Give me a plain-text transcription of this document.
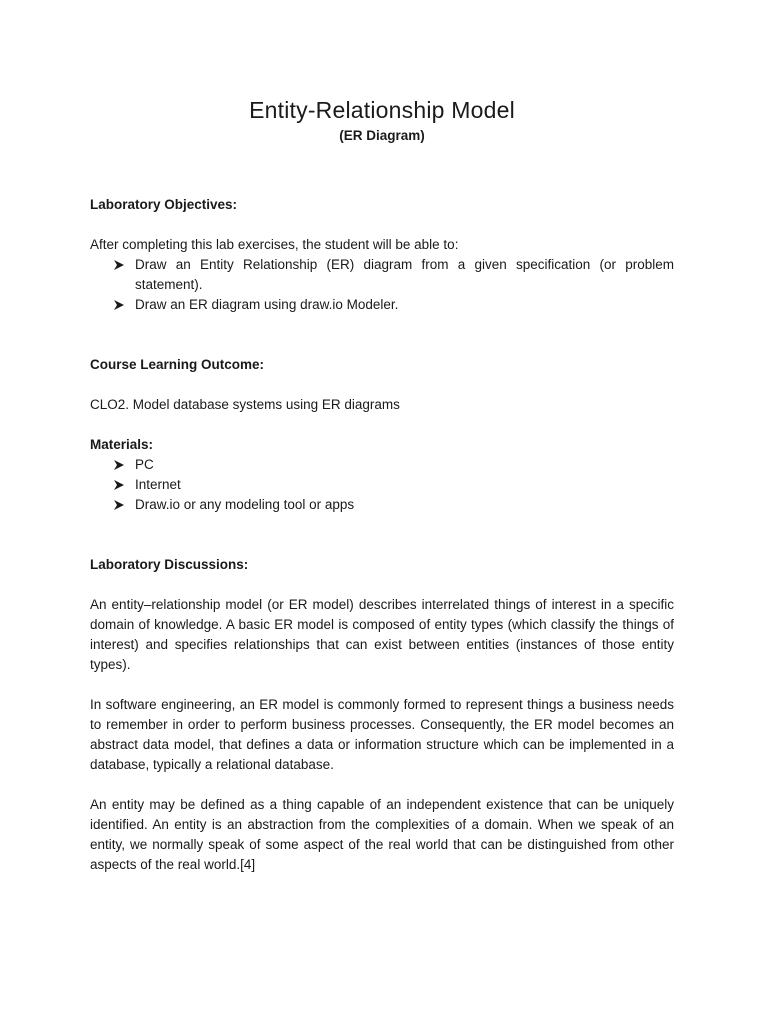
Entity-Relationship Model
(ER Diagram)
Laboratory Objectives:

After completing this lab exercises, the student will be able to:

Draw an Entity Relationship (ER) diagram from a given specification (or problem statement).
Draw an ER diagram using draw.io Modeler.
Course Learning Outcome:

CLO2. Model database systems using ER diagrams

Materials:
PC
Internet
Draw.io or any modeling tool or apps
Laboratory Discussions:

An entity–relationship model (or ER model) describes interrelated things of interest in a specific domain of knowledge. A basic ER model is composed of entity types (which classify the things of interest) and specifies relationships that can exist between entities (instances of those entity types).

In software engineering, an ER model is commonly formed to represent things a business needs to remember in order to perform business processes. Consequently, the ER model becomes an abstract data model, that defines a data or information structure which can be implemented in a database, typically a relational database.

An entity may be defined as a thing capable of an independent existence that can be uniquely identified. An entity is an abstraction from the complexities of a domain. When we speak of an entity, we normally speak of some aspect of the real world that can be distinguished from other aspects of the real world.[4]
